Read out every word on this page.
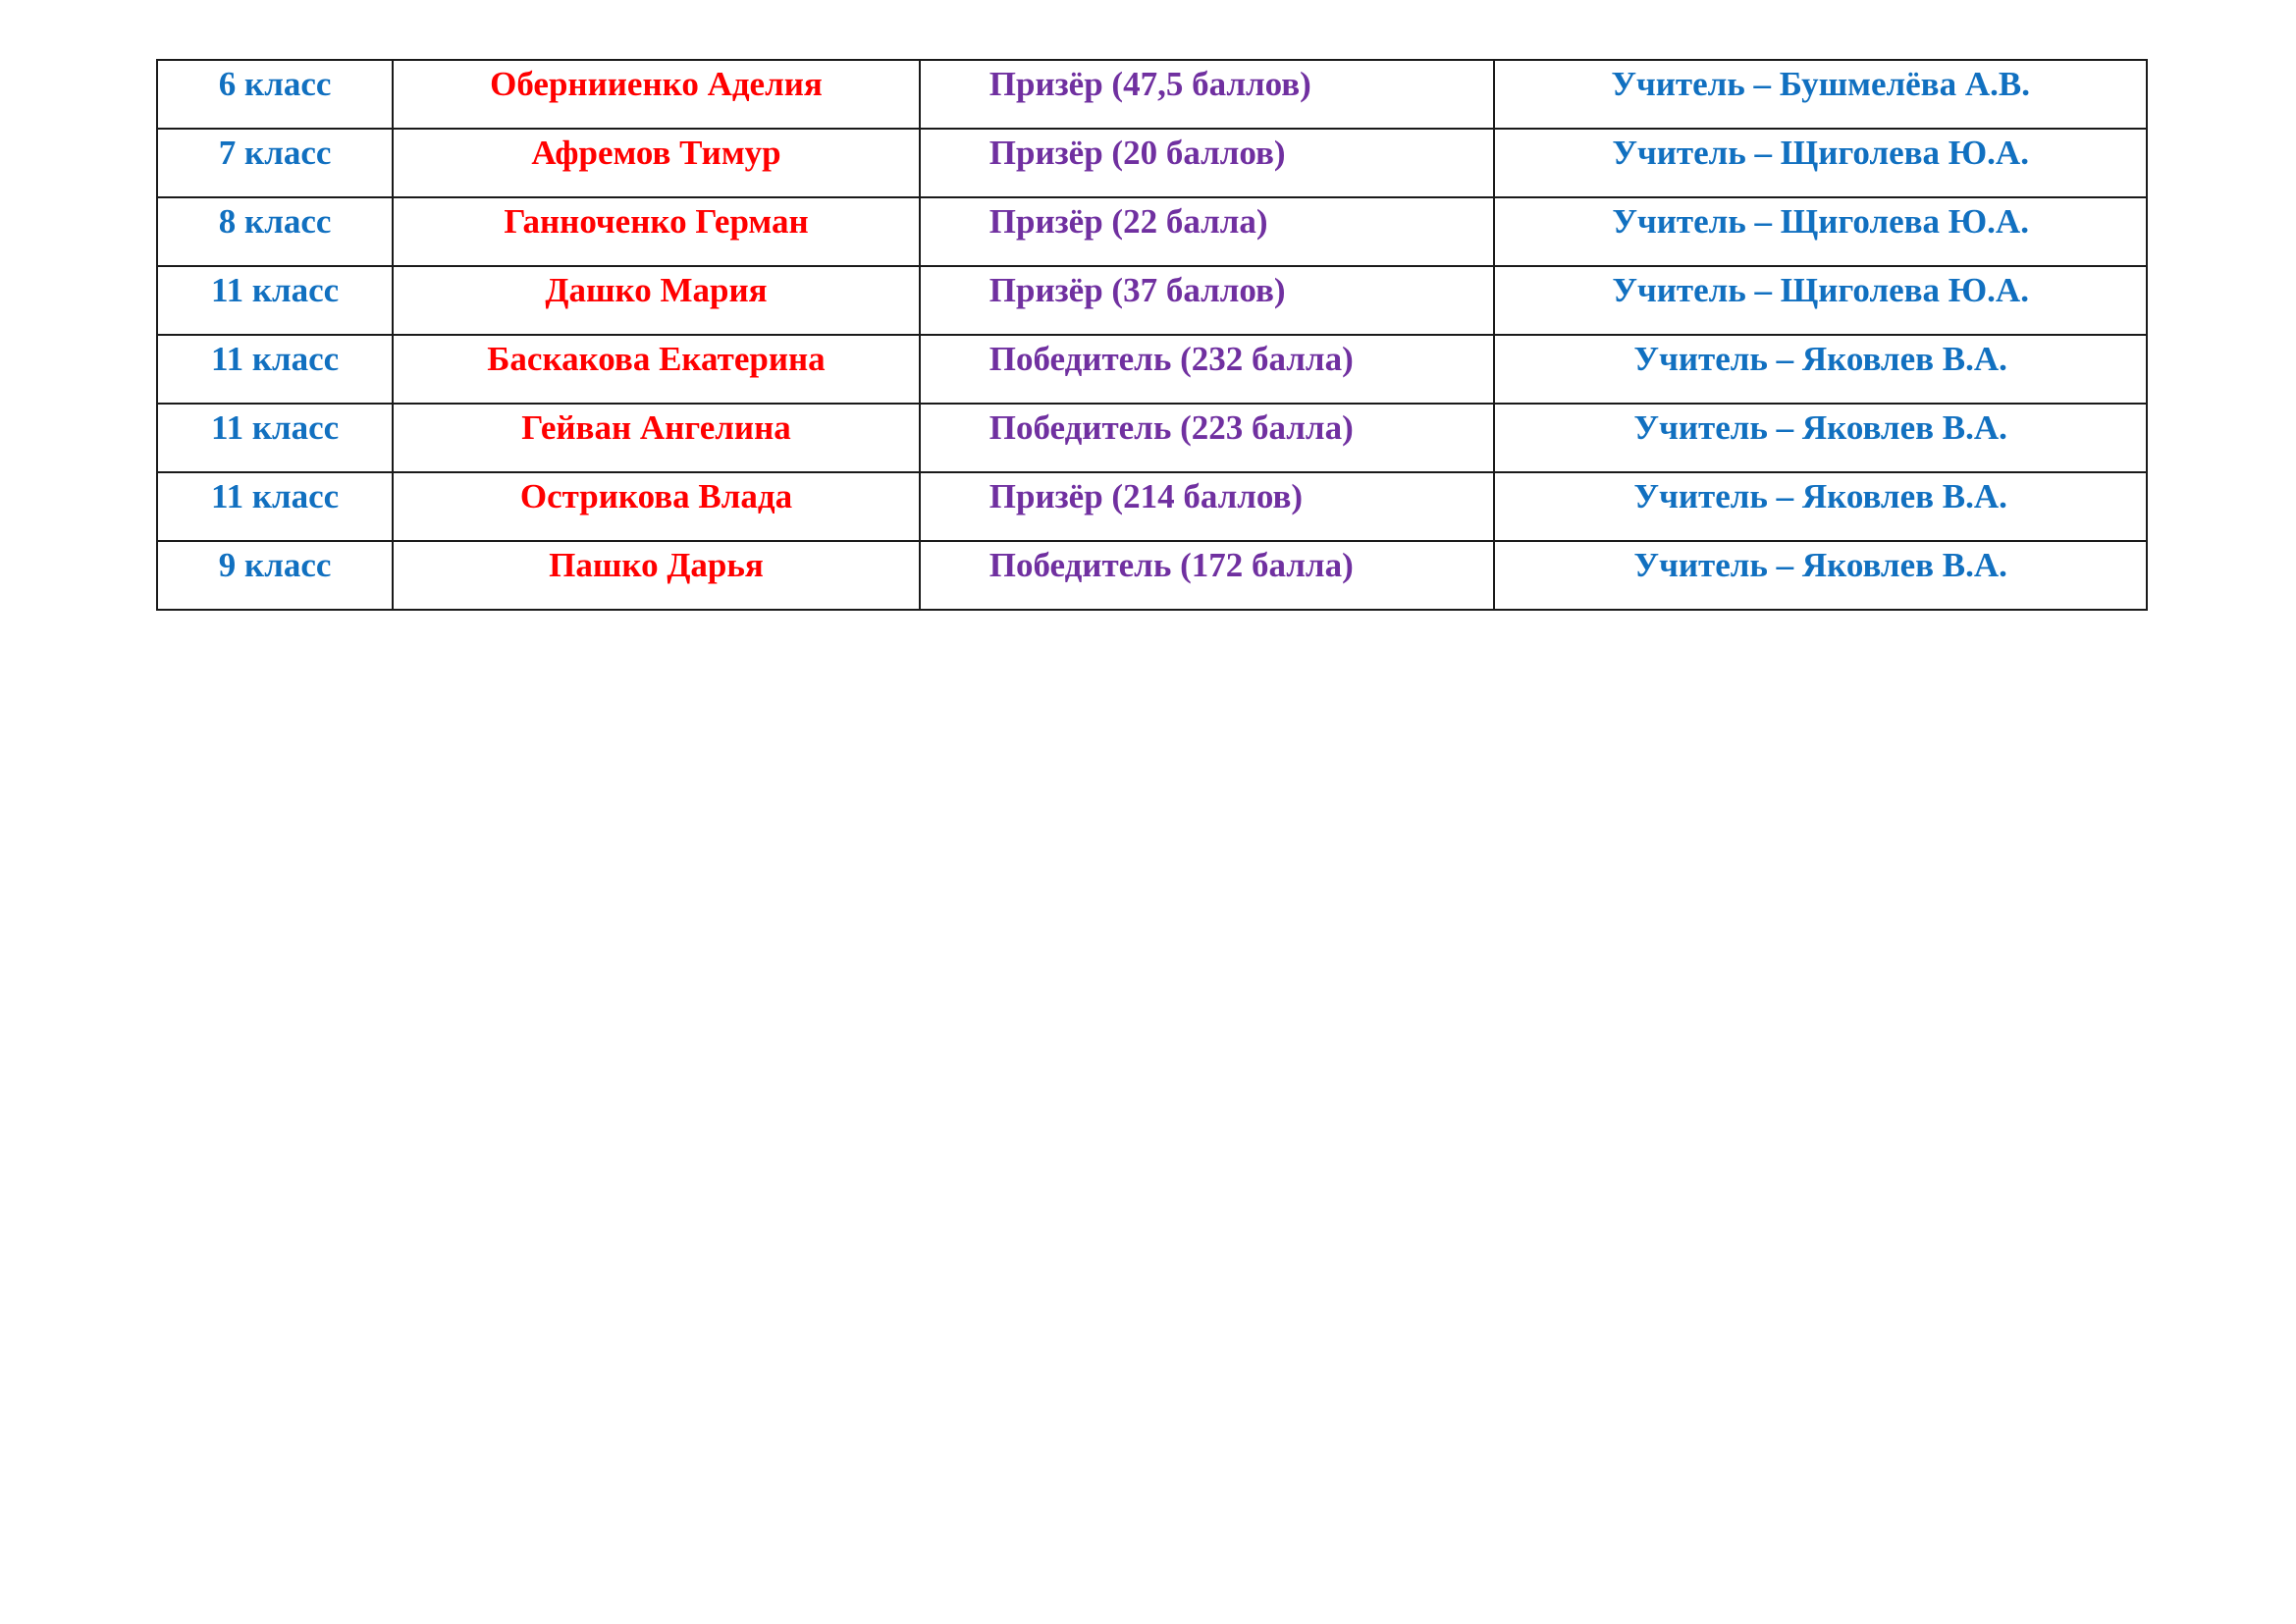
6 класс	Обернииенко Аделия	Призёр (47,5 баллов)	Учитель – Бушмелёва А.В.
7 класс	Афремов Тимур	Призёр (20 баллов)	Учитель – Щиголева Ю.А.
8 класс	Ганноченко Герман	Призёр (22 балла)	Учитель – Щиголева Ю.А.
11 класс	Дашко Мария	Призёр (37 баллов)	Учитель – Щиголева Ю.А.
11 класс	Баскакова Екатерина	Победитель (232 балла)	Учитель – Яковлев В.А.
11 класс	Гейван Ангелина	Победитель (223 балла)	Учитель – Яковлев В.А.
11 класс	Острикова Влада	Призёр (214 баллов)	Учитель – Яковлев В.А.
9 класс	Пашко Дарья	Победитель (172 балла)	Учитель – Яковлев В.А.
